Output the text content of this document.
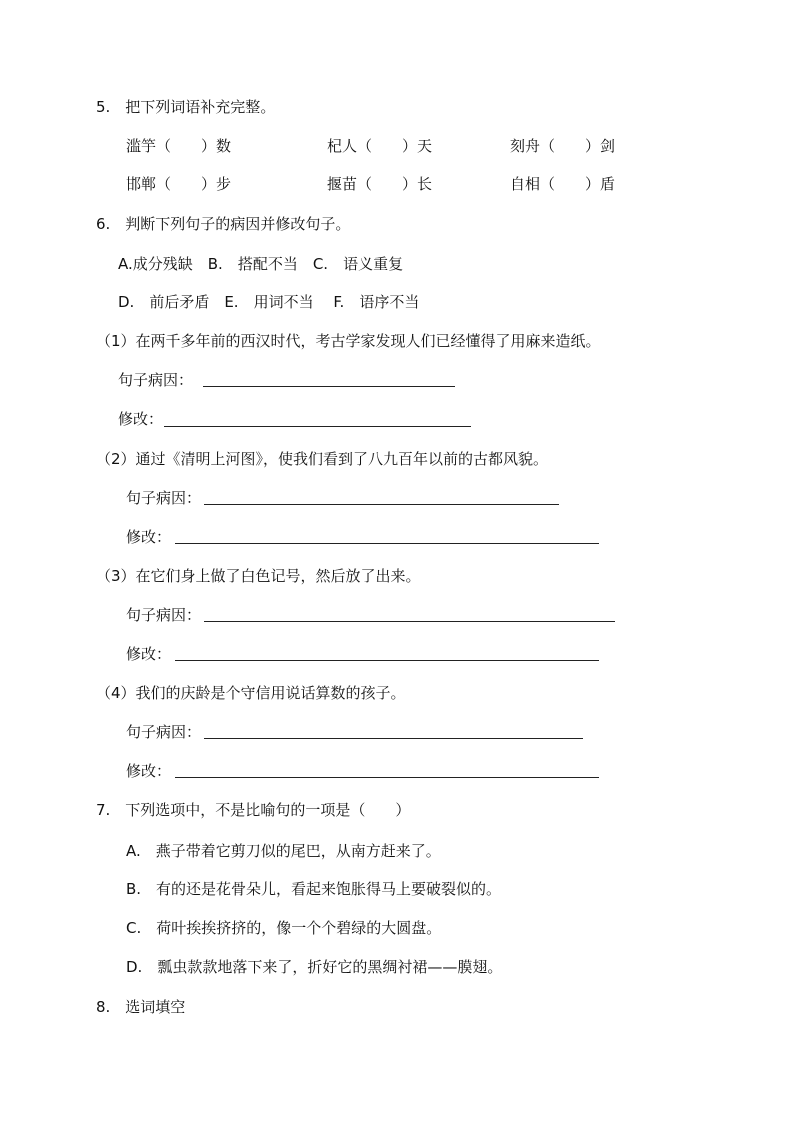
5.　把下列词语补充完整。
滥竽（　　）数	杞人（　　）天	刻舟（　　）剑
邯郸（　　）步	揠苗（　　）长	自相（　　）盾
6.　判断下列句子的病因并修改句子。
A.成分残缺　B.　搭配不当　C.　语义重复
D.　前后矛盾　E.　用词不当　 F.　语序不当
（1）在两千多年前的西汉时代，考古学家发现人们已经懂得了用麻来造纸。
句子病因：
修改：
（2）通过《清明上河图》，使我们看到了八九百年以前的古都风貌。
句子病因：
修改：
（3）在它们身上做了白色记号，然后放了出来。
句子病因：
修改：
（4）我们的庆龄是个守信用说话算数的孩子。
句子病因：
修改：
7.　下列选项中，不是比喻句的一项是（　　）
A.　燕子带着它剪刀似的尾巴，从南方赶来了。
B.　有的还是花骨朵儿，看起来饱胀得马上要破裂似的。
C.　荷叶挨挨挤挤的，像一个个碧绿的大圆盘。
D.　瓢虫款款地落下来了，折好它的黑绸衬裙——膜翅。
8.　选词填空
